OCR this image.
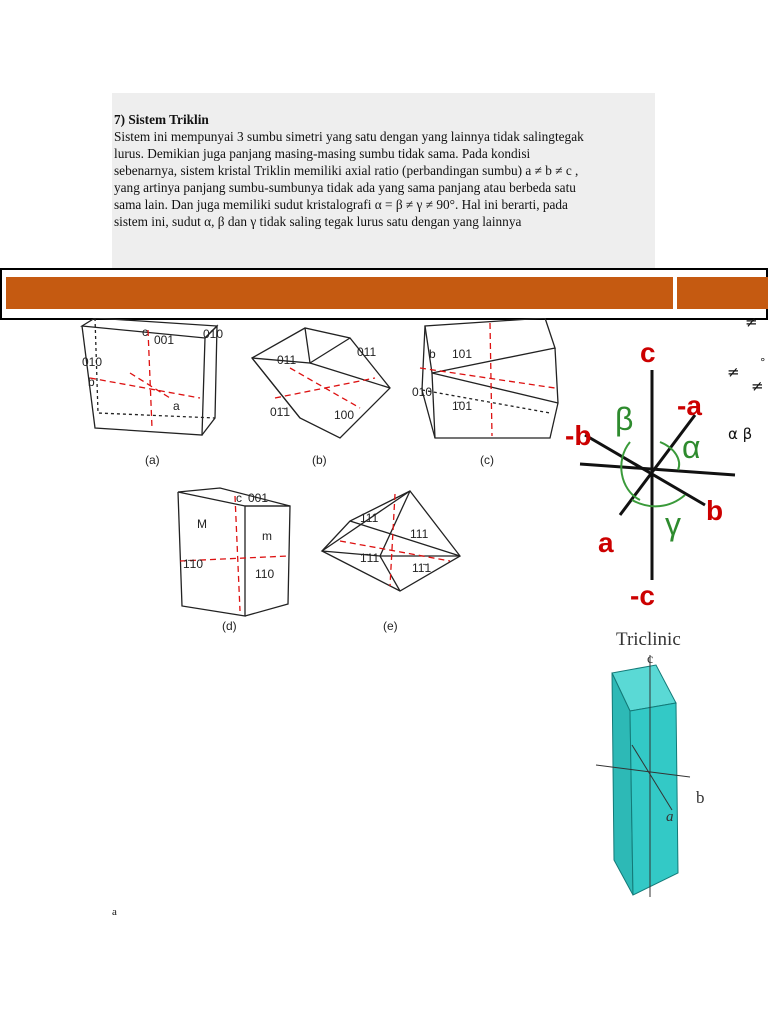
7) Sistem Triklin
Sistem ini mempunyai 3 sumbu simetri yang satu dengan yang lainnya tidak salingtegak
lurus. Demikian juga panjang masing-masing sumbu tidak sama. Pada kondisi
sebenarnya, sistem kristal Triklin memiliki axial ratio (perbandingan sumbu) a ≠ b ≠ c ,
yang artinya panjang sumbu-sumbunya tidak ada yang sama panjang atau berbeda satu
sama lain. Dan juga memiliki sudut kristalografi α = β ≠ γ ≠ 90°. Hal ini berarti, pada
sistem ini, sudut α, β dan γ tidak saling tegak lurus satu dengan yang lainnya
c
001 010
010
b
a
(a)
011
011
01̄1	100
(b)
b 101
010
1̄01
(c)
c 001
M
m
1̄10
110
(d)
111
111
1̄11
11̄1
(e)
c
-c
-a
a
-b
b
β
α
γ
≠
≠
≠
°
α β
Triclinic
c
b
a
a
